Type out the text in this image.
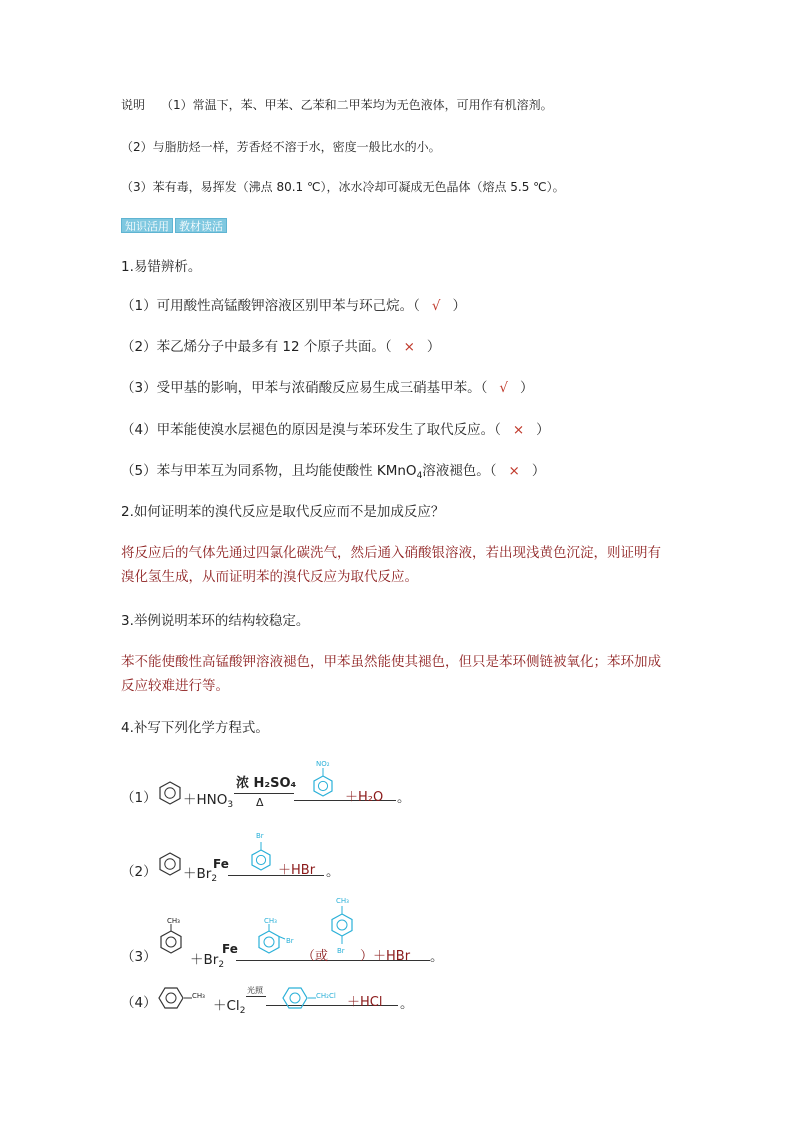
说明 （1）常温下，苯、甲苯、乙苯和二甲苯均为无色液体，可用作有机溶剂。
（2）与脂肪烃一样，芳香烃不溶于水，密度一般比水的小。
（3）苯有毒，易挥发（沸点 80.1 ℃），冰水冷却可凝成无色晶体（熔点 5.5 ℃）。
知识活用 教材读活
1.易错辨析。
（1）可用酸性高锰酸钾溶液区别甲苯与环己烷。（ √ ）
（2）苯乙烯分子中最多有 12 个原子共面。（ × ）
（3）受甲基的影响，甲苯与浓硝酸反应易生成三硝基甲苯。（ √ ）
（4）甲苯能使溴水层褪色的原因是溴与苯环发生了取代反应。（ × ）
（5）苯与甲苯互为同系物，且均能使酸性 KMnO$_4$溶液褪色。（ × ）
2.如何证明苯的溴代反应是取代反应而不是加成反应？
将反应后的气体先通过四氯化碳洗气，然后通入硝酸银溶液，若出现浅黄色沉淀，则证明有溴化氢生成，从而证明苯的溴代反应为取代反应。
3.举例说明苯环的结构较稳定。
苯不能使酸性高锰酸钾溶液褪色，甲苯虽然能使其褪色，但只是苯环侧链被氧化；苯环加成反应较难进行等。
4.补写下列化学方程式。
$(1) +HNO_3$
浓 H₂SO₄
Δ
NO₂
＋H₂O 。
$(2) +Br_2$
Fe
Br
＋HBr 。
（3）
CH₃
$+Br_2$
Fe
CH₃
Br
（或
CH₃
Br ）＋HBr 。
（4）	CH₃
$+Cl_2$
光照
CH₂Cl ＋HCl 。
